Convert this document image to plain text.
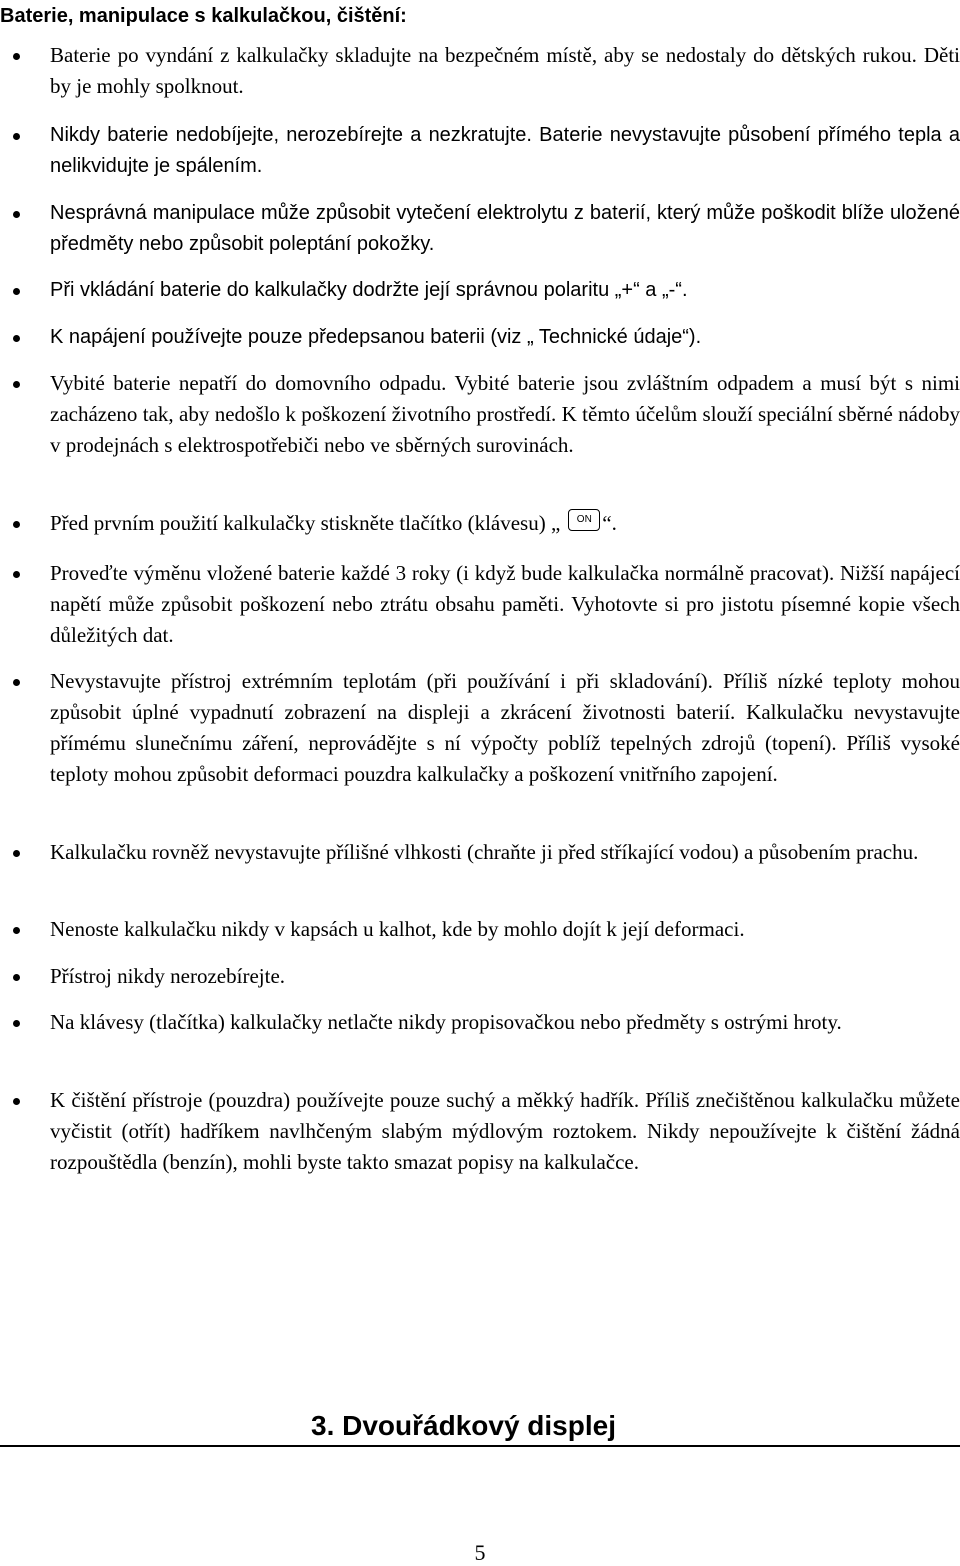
Baterie, manipulace s kalkulačkou, čištění:

Baterie po vyndání z kalkulačky skladujte na bezpečném místě, aby se nedostaly do dětských rukou. Děti by je mohly spolknout.

Nikdy baterie nedobíjejte, nerozebírejte a nezkratujte. Baterie nevystavujte působení přímého tepla a nelikvidujte je spálením.

Nesprávná manipulace může způsobit vytečení elektrolytu z baterií, který může poškodit blíže uložené předměty nebo způsobit poleptání pokožky.

Při vkládání baterie do kalkulačky dodržte její správnou polaritu „+“ a „-“.

K napájení používejte pouze předepsanou baterii (viz „ Technické údaje“).

Vybité baterie nepatří do domovního odpadu. Vybité baterie jsou zvláštním odpadem a musí být s nimi zacházeno tak, aby nedošlo k poškození životního prostředí. K těmto účelům slouží speciální sběrné nádoby v prodejnách s elektrospotřebiči nebo ve sběrných surovinách.

Před prvním použití kalkulačky stiskněte tlačítko (klávesu) „ ON “.

Proveďte výměnu vložené baterie každé 3 roky (i když bude kalkulačka normálně pracovat). Nižší napájecí napětí může způsobit poškození nebo ztrátu obsahu paměti. Vyhotovte si pro jistotu písemné kopie všech důležitých dat.

Nevystavujte přístroj extrémním teplotám (při používání i při skladování). Příliš nízké teploty mohou způsobit úplné vypadnutí zobrazení na displeji a zkrácení životnosti baterií. Kalkulačku nevystavujte přímému slunečnímu záření, neprovádějte s ní výpočty poblíž tepelných zdrojů (topení). Příliš vysoké teploty mohou způsobit deformaci pouzdra kalkulačky a poškození vnitřního zapojení.

Kalkulačku rovněž nevystavujte přílišné vlhkosti (chraňte ji před stříkající vodou) a působením prachu.

Nenoste kalkulačku nikdy v kapsách u kalhot, kde by mohlo dojít k její deformaci.

Přístroj nikdy nerozebírejte.

Na klávesy (tlačítka) kalkulačky netlačte nikdy propisovačkou nebo předměty s ostrými hroty.

K čištění přístroje (pouzdra) používejte pouze suchý a měkký hadřík. Příliš znečištěnou kalkulačku můžete vyčistit (otřít) hadříkem navlhčeným slabým mýdlovým roztokem. Nikdy nepoužívejte k čištění žádná rozpouštědla (benzín), mohli byste takto smazat popisy na kalkulačce.

3. Dvouřádkový displej
5
